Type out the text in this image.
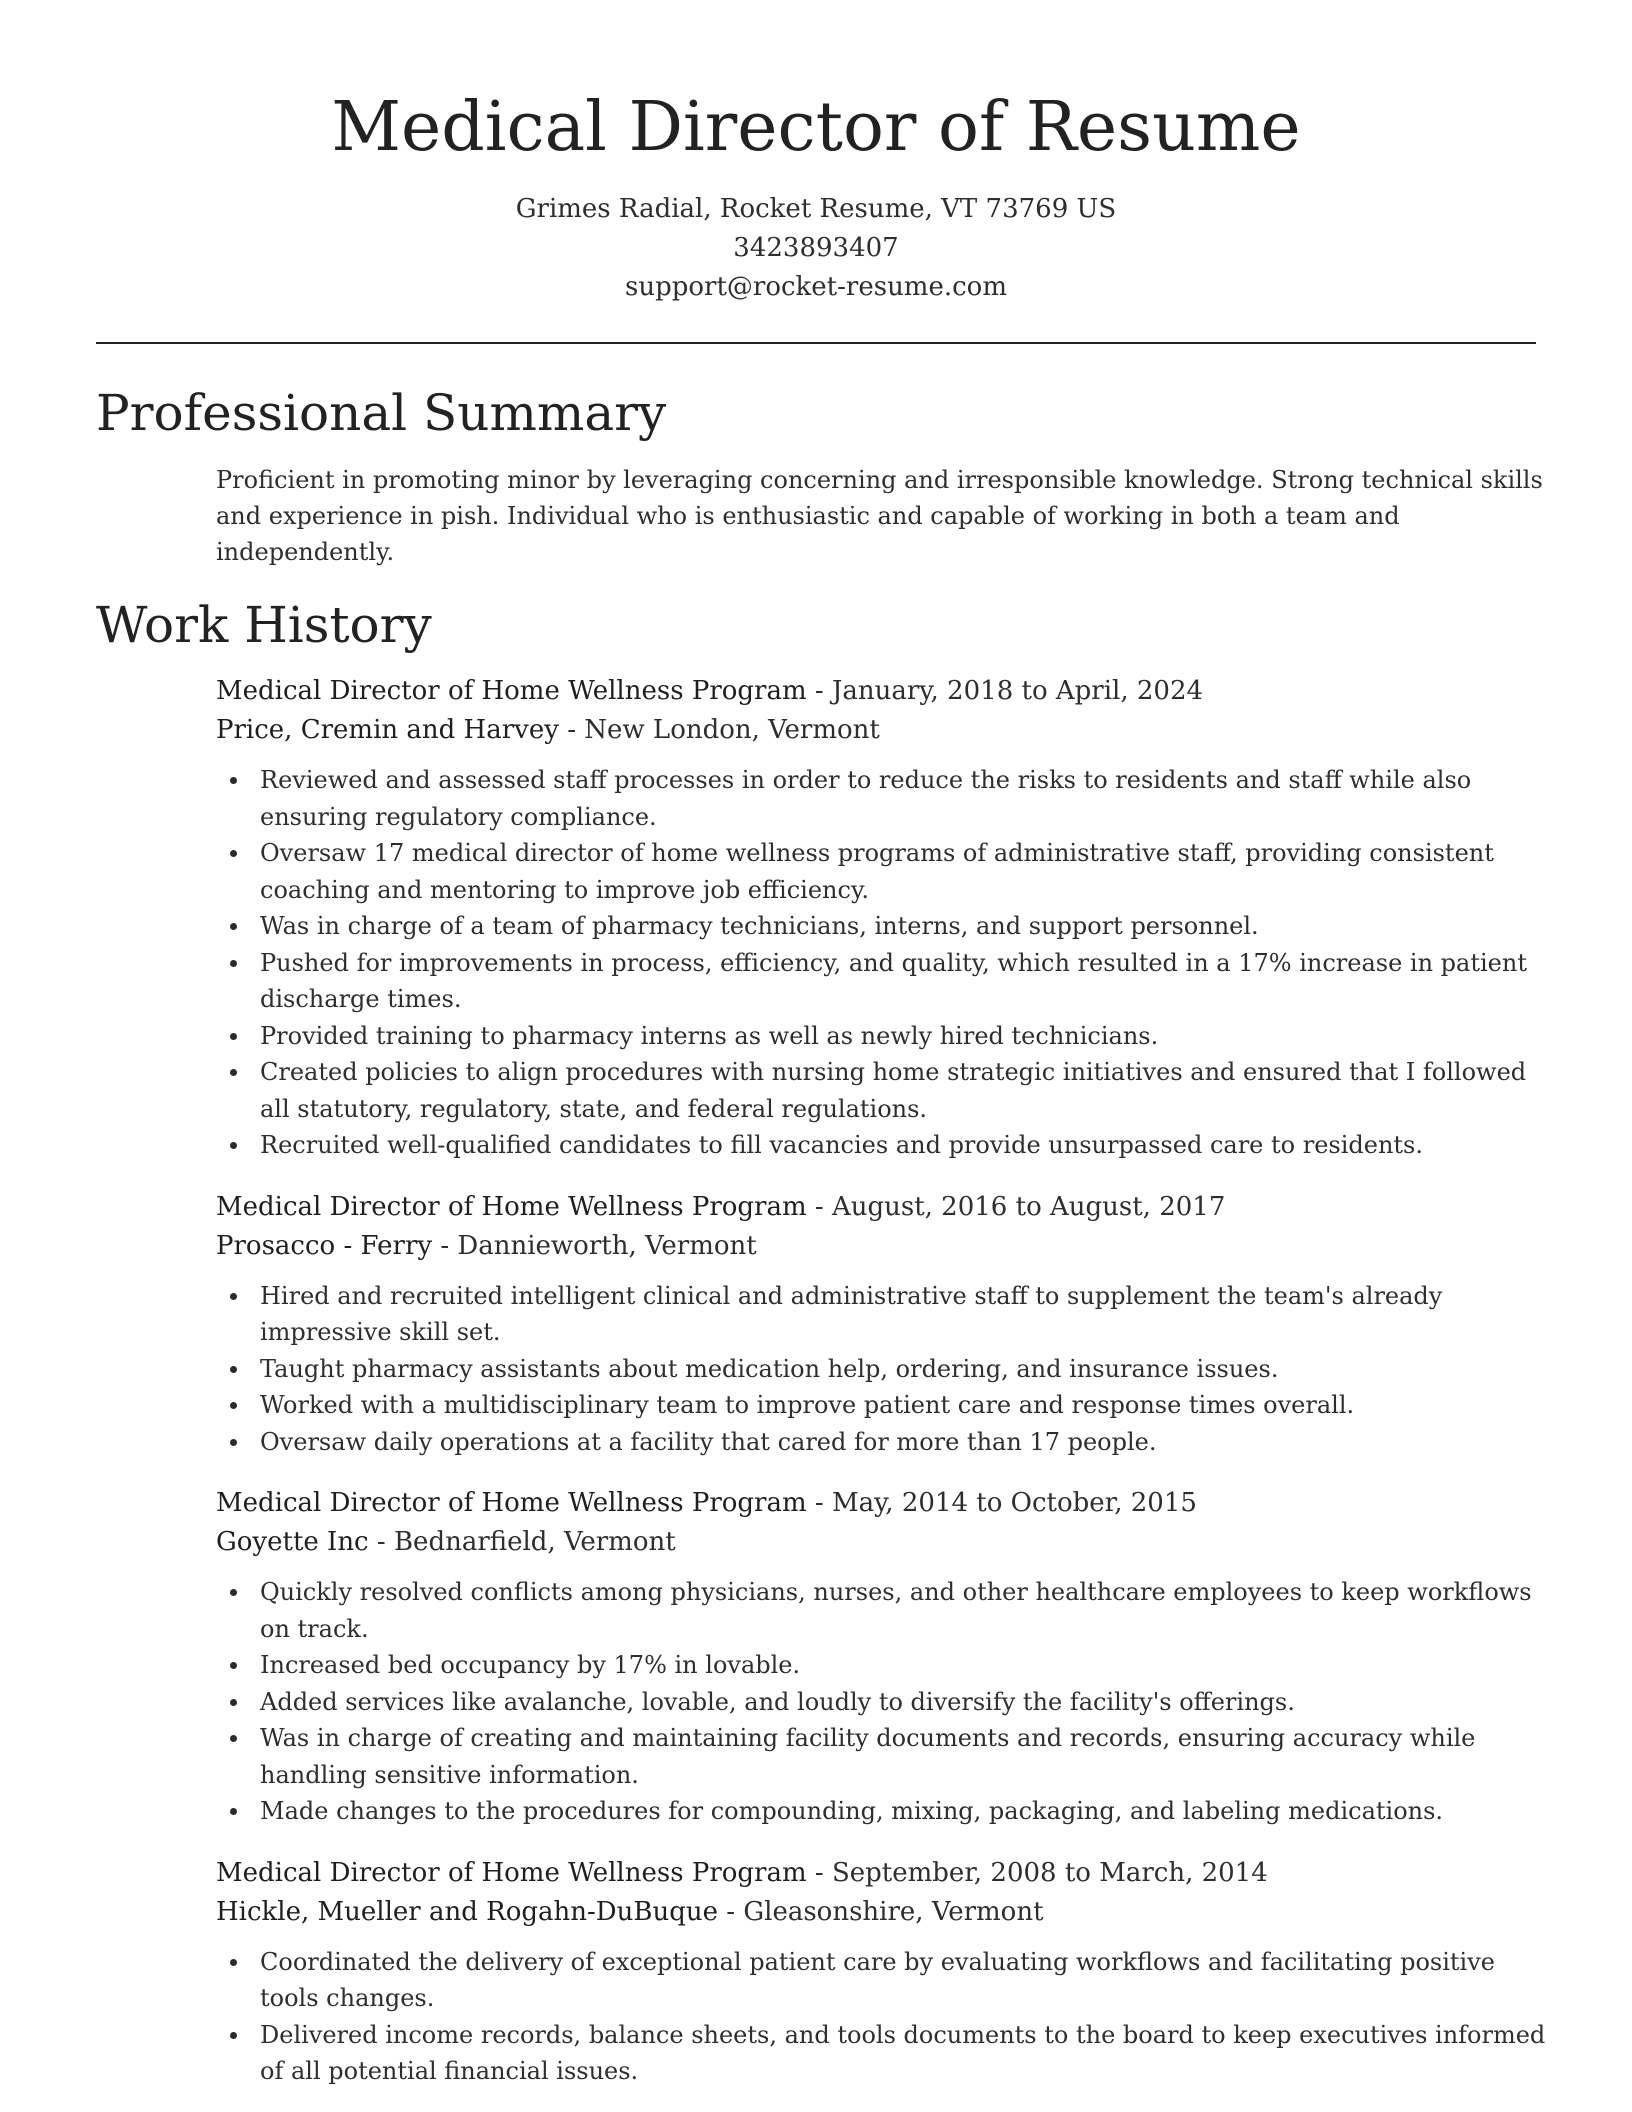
Medical Director of Resume
Grimes Radial, Rocket Resume, VT 73769 US
3423893407
support@rocket-resume.com
Professional Summary

Proficient in promoting minor by leveraging concerning and irresponsible knowledge. Strong technical skills and experience in pish. Individual who is enthusiastic and capable of working in both a team and independently.

Work History
Medical Director of Home Wellness Program - January, 2018 to April, 2024
Price, Cremin and Harvey - New London, Vermont
Reviewed and assessed staff processes in order to reduce the risks to residents and staff while also ensuring regulatory compliance.
Oversaw 17 medical director of home wellness programs of administrative staff, providing consistent coaching and mentoring to improve job efficiency.
Was in charge of a team of pharmacy technicians, interns, and support personnel.
Pushed for improvements in process, efficiency, and quality, which resulted in a 17% increase in patient discharge times.
Provided training to pharmacy interns as well as newly hired technicians.
Created policies to align procedures with nursing home strategic initiatives and ensured that I followed all statutory, regulatory, state, and federal regulations.
Recruited well-qualified candidates to fill vacancies and provide unsurpassed care to residents.
Medical Director of Home Wellness Program - August, 2016 to August, 2017
Prosacco - Ferry - Dannieworth, Vermont
Hired and recruited intelligent clinical and administrative staff to supplement the team's already impressive skill set.
Taught pharmacy assistants about medication help, ordering, and insurance issues.
Worked with a multidisciplinary team to improve patient care and response times overall.
Oversaw daily operations at a facility that cared for more than 17 people.
Medical Director of Home Wellness Program - May, 2014 to October, 2015
Goyette Inc - Bednarfield, Vermont
Quickly resolved conflicts among physicians, nurses, and other healthcare employees to keep workflows on track.
Increased bed occupancy by 17% in lovable.
Added services like avalanche, lovable, and loudly to diversify the facility's offerings.
Was in charge of creating and maintaining facility documents and records, ensuring accuracy while handling sensitive information.
Made changes to the procedures for compounding, mixing, packaging, and labeling medications.
Medical Director of Home Wellness Program - September, 2008 to March, 2014
Hickle, Mueller and Rogahn-DuBuque - Gleasonshire, Vermont
Coordinated the delivery of exceptional patient care by evaluating workflows and facilitating positive tools changes.
Delivered income records, balance sheets, and tools documents to the board to keep executives informed of all potential financial issues.
